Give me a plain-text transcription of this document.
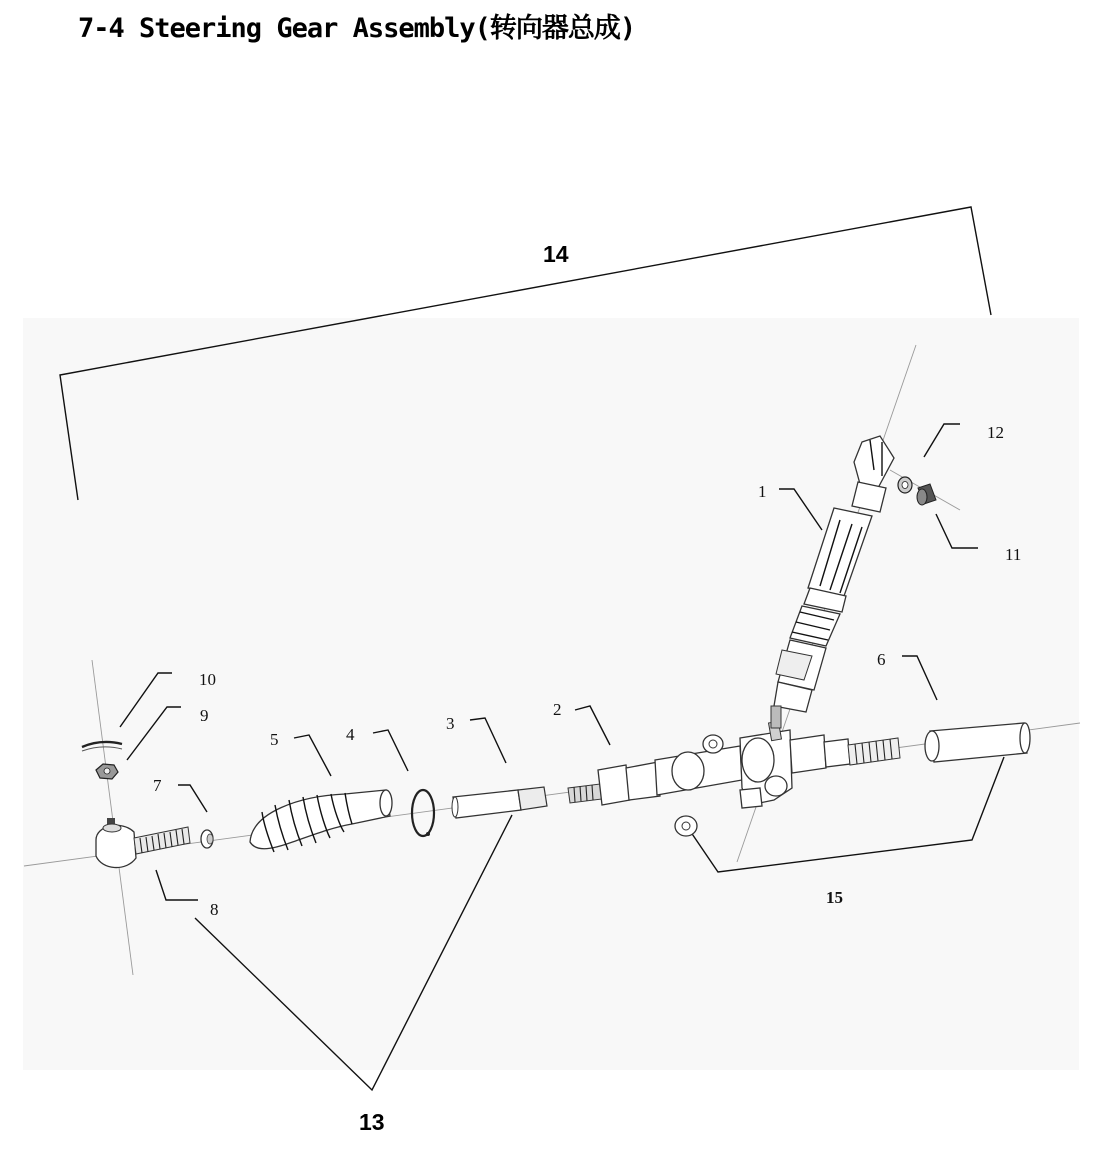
7-4 Steering Gear Assembly(转向器总成)
1
2
3
4
5
6
7
8
9
10
11
12
13
14
15
